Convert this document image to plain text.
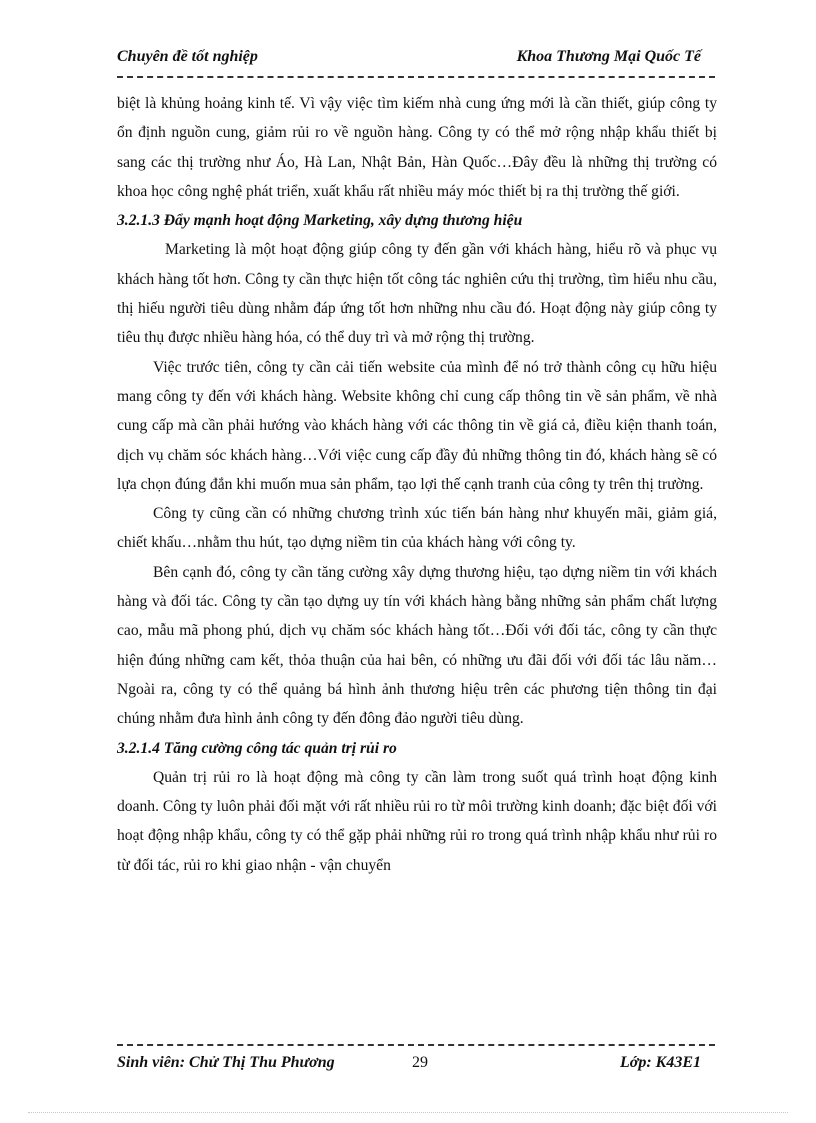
Chuyên đề tốt nghiệp	Khoa Thương Mại Quốc Tế

biệt là khủng hoảng kinh tế. Vì vậy việc tìm kiếm nhà cung ứng mới là cần thiết, giúp công ty ổn định nguồn cung, giảm rủi ro về nguồn hàng. Công ty có thể mở rộng nhập khẩu thiết bị sang các thị trường như Áo, Hà Lan, Nhật Bản, Hàn Quốc…Đây đều là những thị trường có khoa học công nghệ phát triển, xuất khẩu rất nhiều máy móc thiết bị ra thị trường thế giới.

3.2.1.3 Đẩy mạnh hoạt động Marketing, xây dựng thương hiệu

Marketing là một hoạt động giúp công ty đến gần với khách hàng, hiểu rõ và phục vụ khách hàng tốt hơn. Công ty cần thực hiện tốt công tác nghiên cứu thị trường, tìm hiểu nhu cầu, thị hiếu người tiêu dùng nhằm đáp ứng tốt hơn những nhu cầu đó. Hoạt động này giúp công ty tiêu thụ được nhiều hàng hóa, có thể duy trì và mở rộng thị trường.

Việc trước tiên, công ty cần cải tiến website của mình để nó trở thành công cụ hữu hiệu mang công ty đến với khách hàng. Website không chỉ cung cấp thông tin về sản phẩm, về nhà cung cấp mà cần phải hướng vào khách hàng với các thông tin về giá cả, điều kiện thanh toán, dịch vụ chăm sóc khách hàng…Với việc cung cấp đầy đủ những thông tin đó, khách hàng sẽ có lựa chọn đúng đắn khi muốn mua sản phẩm, tạo lợi thế cạnh tranh của công ty trên thị trường.

Công ty cũng cần có những chương trình xúc tiến bán hàng như khuyến mãi, giảm giá, chiết khấu…nhằm thu hút, tạo dựng niềm tin của khách hàng với công ty.

Bên cạnh đó, công ty cần tăng cường xây dựng thương hiệu, tạo dựng niềm tin với khách hàng và đối tác. Công ty cần tạo dựng uy tín với khách hàng bằng những sản phẩm chất lượng cao, mẫu mã phong phú, dịch vụ chăm sóc khách hàng tốt…Đối với đối tác, công ty cần thực hiện đúng những cam kết, thỏa thuận của hai bên, có những ưu đãi đối với đối tác lâu năm… Ngoài ra, công ty có thể quảng bá hình ảnh thương hiệu trên các phương tiện thông tin đại chúng nhằm đưa hình ảnh công ty đến đông đảo người tiêu dùng.

3.2.1.4 Tăng cường công tác quản trị rủi ro

Quản trị rủi ro là hoạt động mà công ty cần làm trong suốt quá trình hoạt động kinh doanh. Công ty luôn phải đối mặt với rất nhiều rủi ro từ môi trường kinh doanh; đặc biệt đối với hoạt động nhập khẩu, công ty có thể gặp phải những rủi ro trong quá trình nhập khẩu như rủi ro từ đối tác, rủi ro khi giao nhận - vận chuyển

Sinh viên: Chử Thị Thu Phương	29	Lớp: K43E1
